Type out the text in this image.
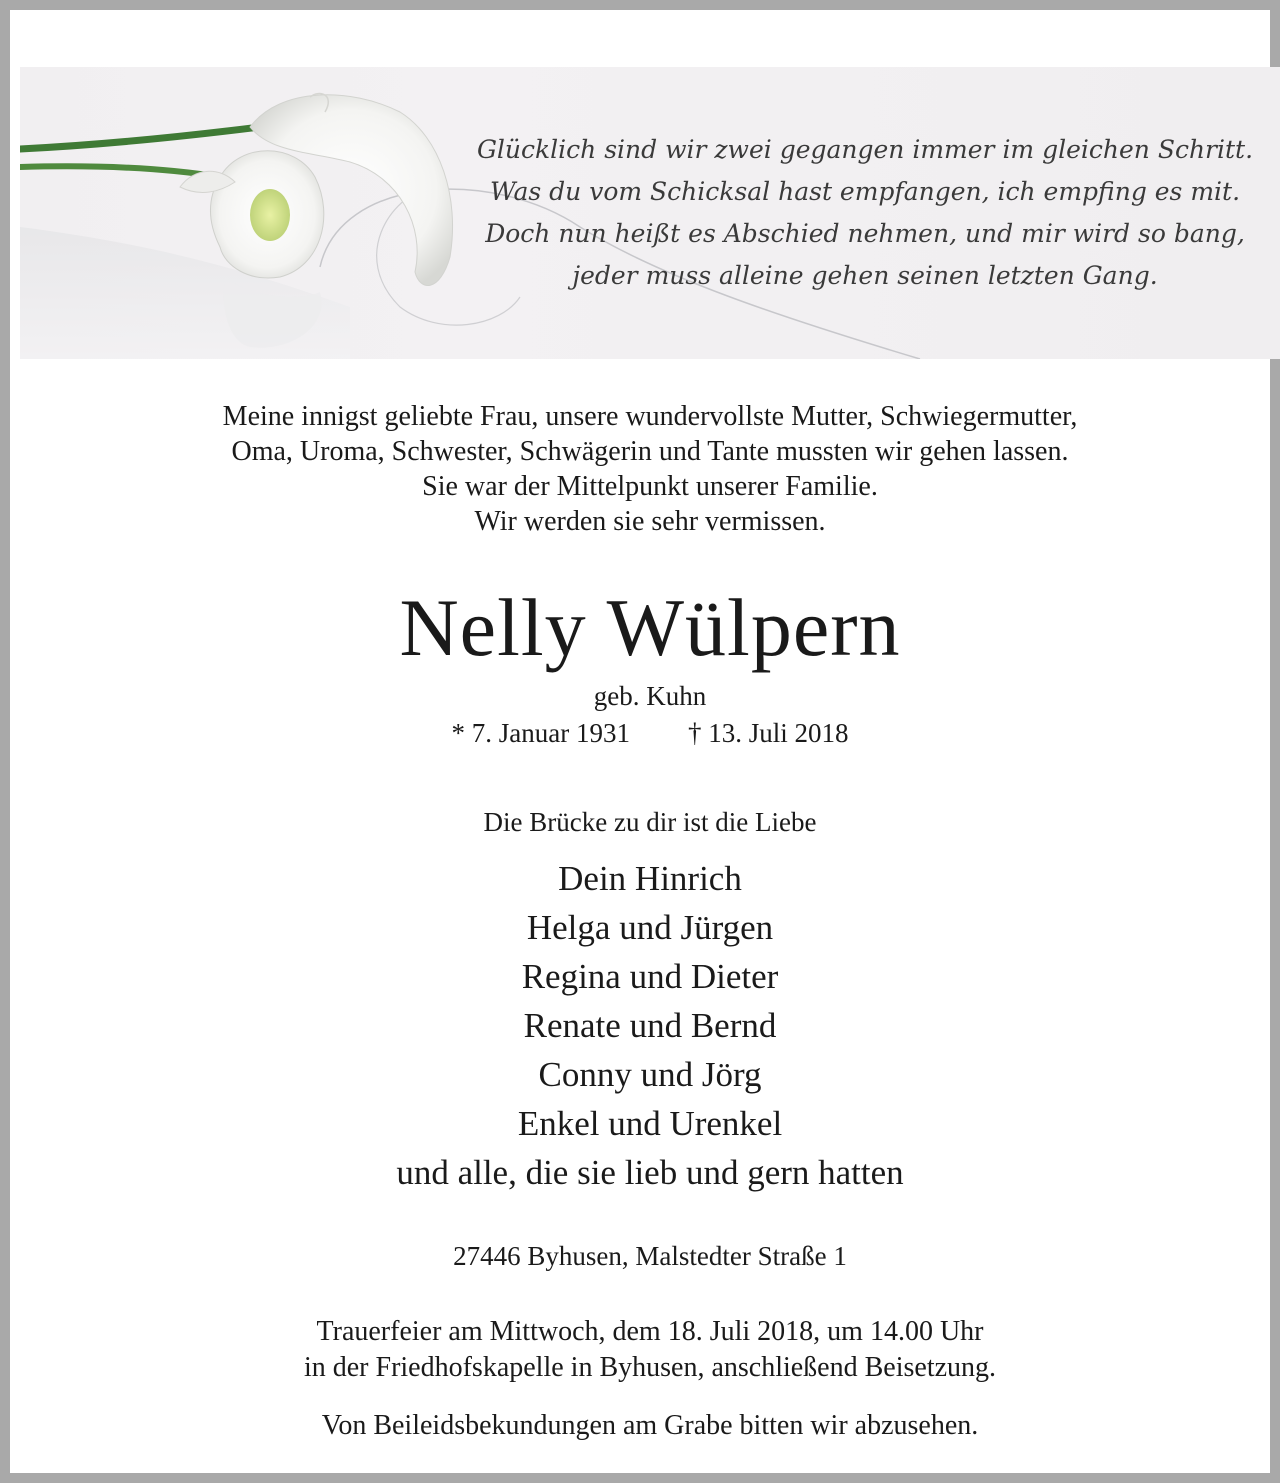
Glücklich sind wir zwei gegangen immer im gleichen Schritt.
Was du vom Schicksal hast empfangen, ich empfing es mit.
Doch nun heißt es Abschied nehmen, und mir wird so bang,
jeder muss alleine gehen seinen letzten Gang.
Meine innigst geliebte Frau, unsere wundervollste Mutter, Schwiegermutter,
Oma, Uroma, Schwester, Schwägerin und Tante mussten wir gehen lassen.
Sie war der Mittelpunkt unserer Familie.
Wir werden sie sehr vermissen.
Nelly Wülpern
geb. Kuhn
* 7. Januar 1931 † 13. Juli 2018
Die Brücke zu dir ist die Liebe
Dein Hinrich
Helga und Jürgen
Regina und Dieter
Renate und Bernd
Conny und Jörg
Enkel und Urenkel
und alle, die sie lieb und gern hatten
27446 Byhusen, Malstedter Straße 1
Trauerfeier am Mittwoch, dem 18. Juli 2018, um 14.00 Uhr
in der Friedhofskapelle in Byhusen, anschließend Beisetzung.
Von Beileidsbekundungen am Grabe bitten wir abzusehen.
